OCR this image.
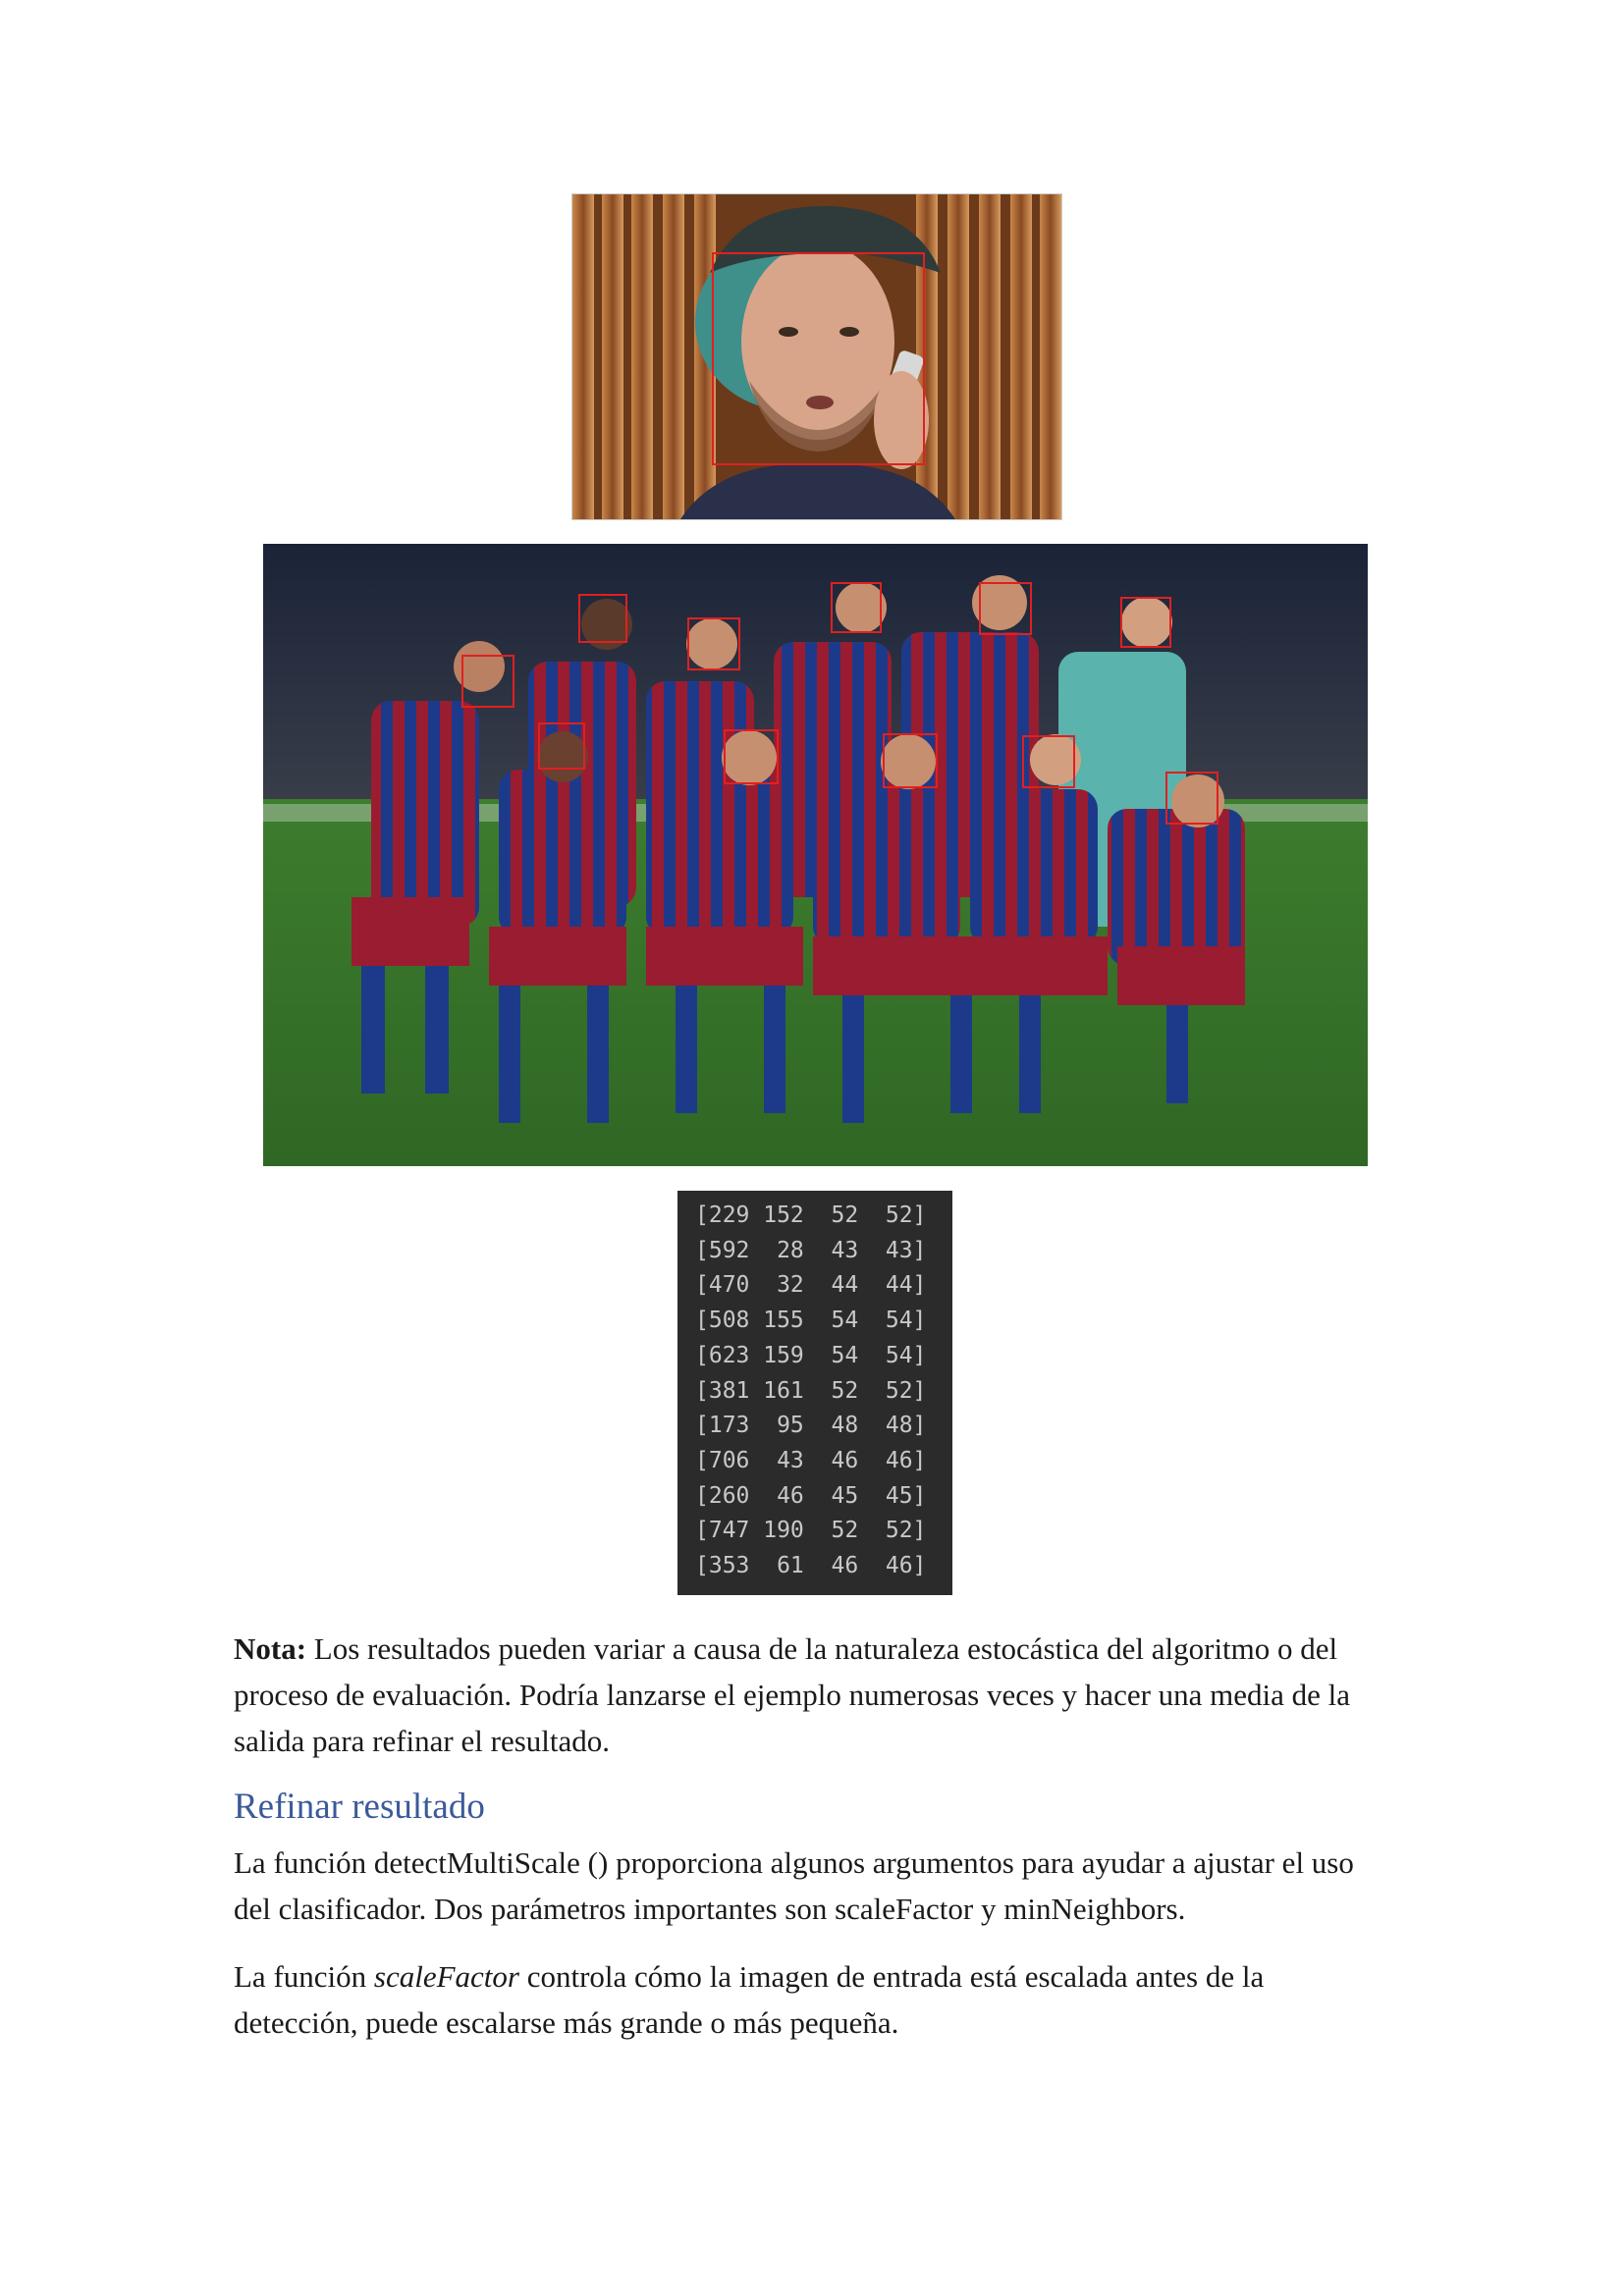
[229 152  52  52]
[592  28  43  43]
[470  32  44  44]
[508 155  54  54]
[623 159  54  54]
[381 161  52  52]
[173  95  48  48]
[706  43  46  46]
[260  46  45  45]
[747 190  52  52]
[353  61  46  46]

Nota: Los resultados pueden variar a causa de la naturaleza estocástica del algoritmo o del proceso de evaluación. Podría lanzarse el ejemplo numerosas veces y hacer una media de la salida para refinar el resultado.

Refinar resultado

La función detectMultiScale () proporciona algunos argumentos para ayudar a ajustar el uso del clasificador. Dos parámetros importantes son scaleFactor y minNeighbors.

La función scaleFactor controla cómo la imagen de entrada está escalada antes de la detección, puede escalarse más grande o más pequeña.
